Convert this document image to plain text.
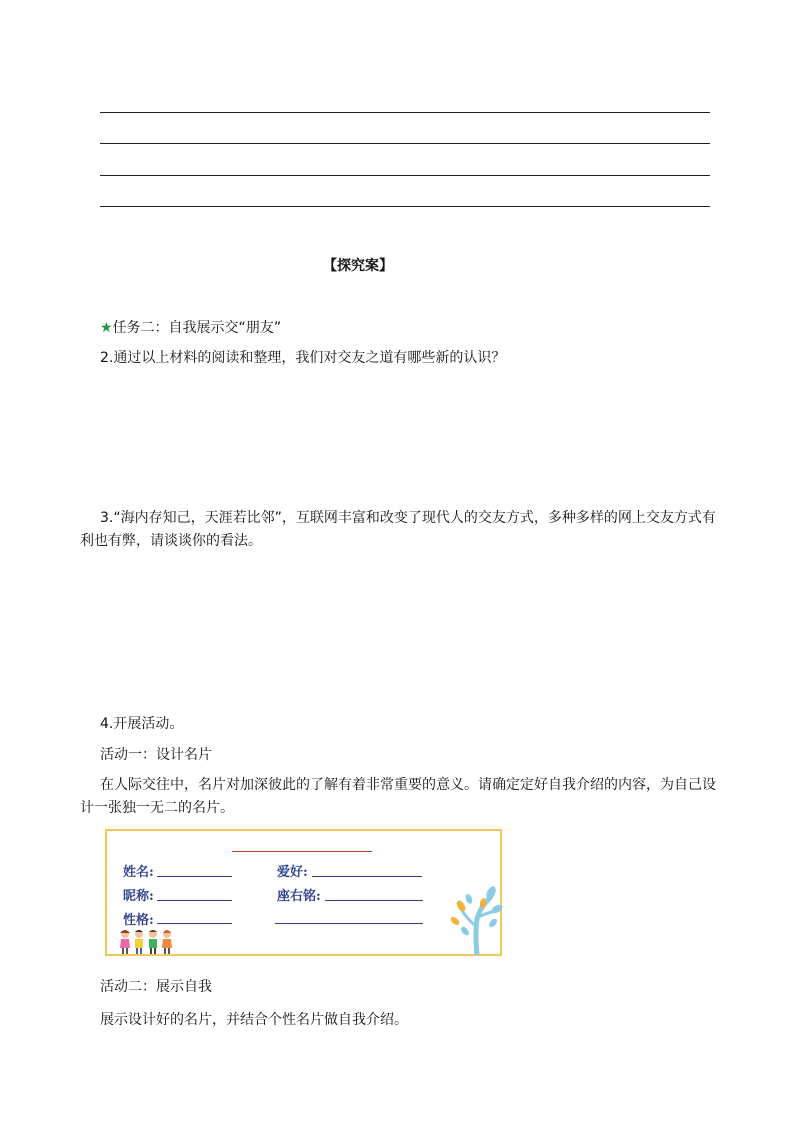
【探究案】
★任务二：自我展示交“朋友”
2.通过以上材料的阅读和整理，我们对交友之道有哪些新的认识？
3.“海内存知己，天涯若比邻”，互联网丰富和改变了现代人的交友方式，多种多样的网上交友方式有利也有弊，请谈谈你的看法。
4.开展活动。
活动一：设计名片
在人际交往中，名片对加深彼此的了解有着非常重要的意义。请确定定好自我介绍的内容，为自己设计一张独一无二的名片。
姓名:	爱好:
昵称:	座右铭:
性格:
活动二：展示自我
展示设计好的名片，并结合个性名片做自我介绍。
